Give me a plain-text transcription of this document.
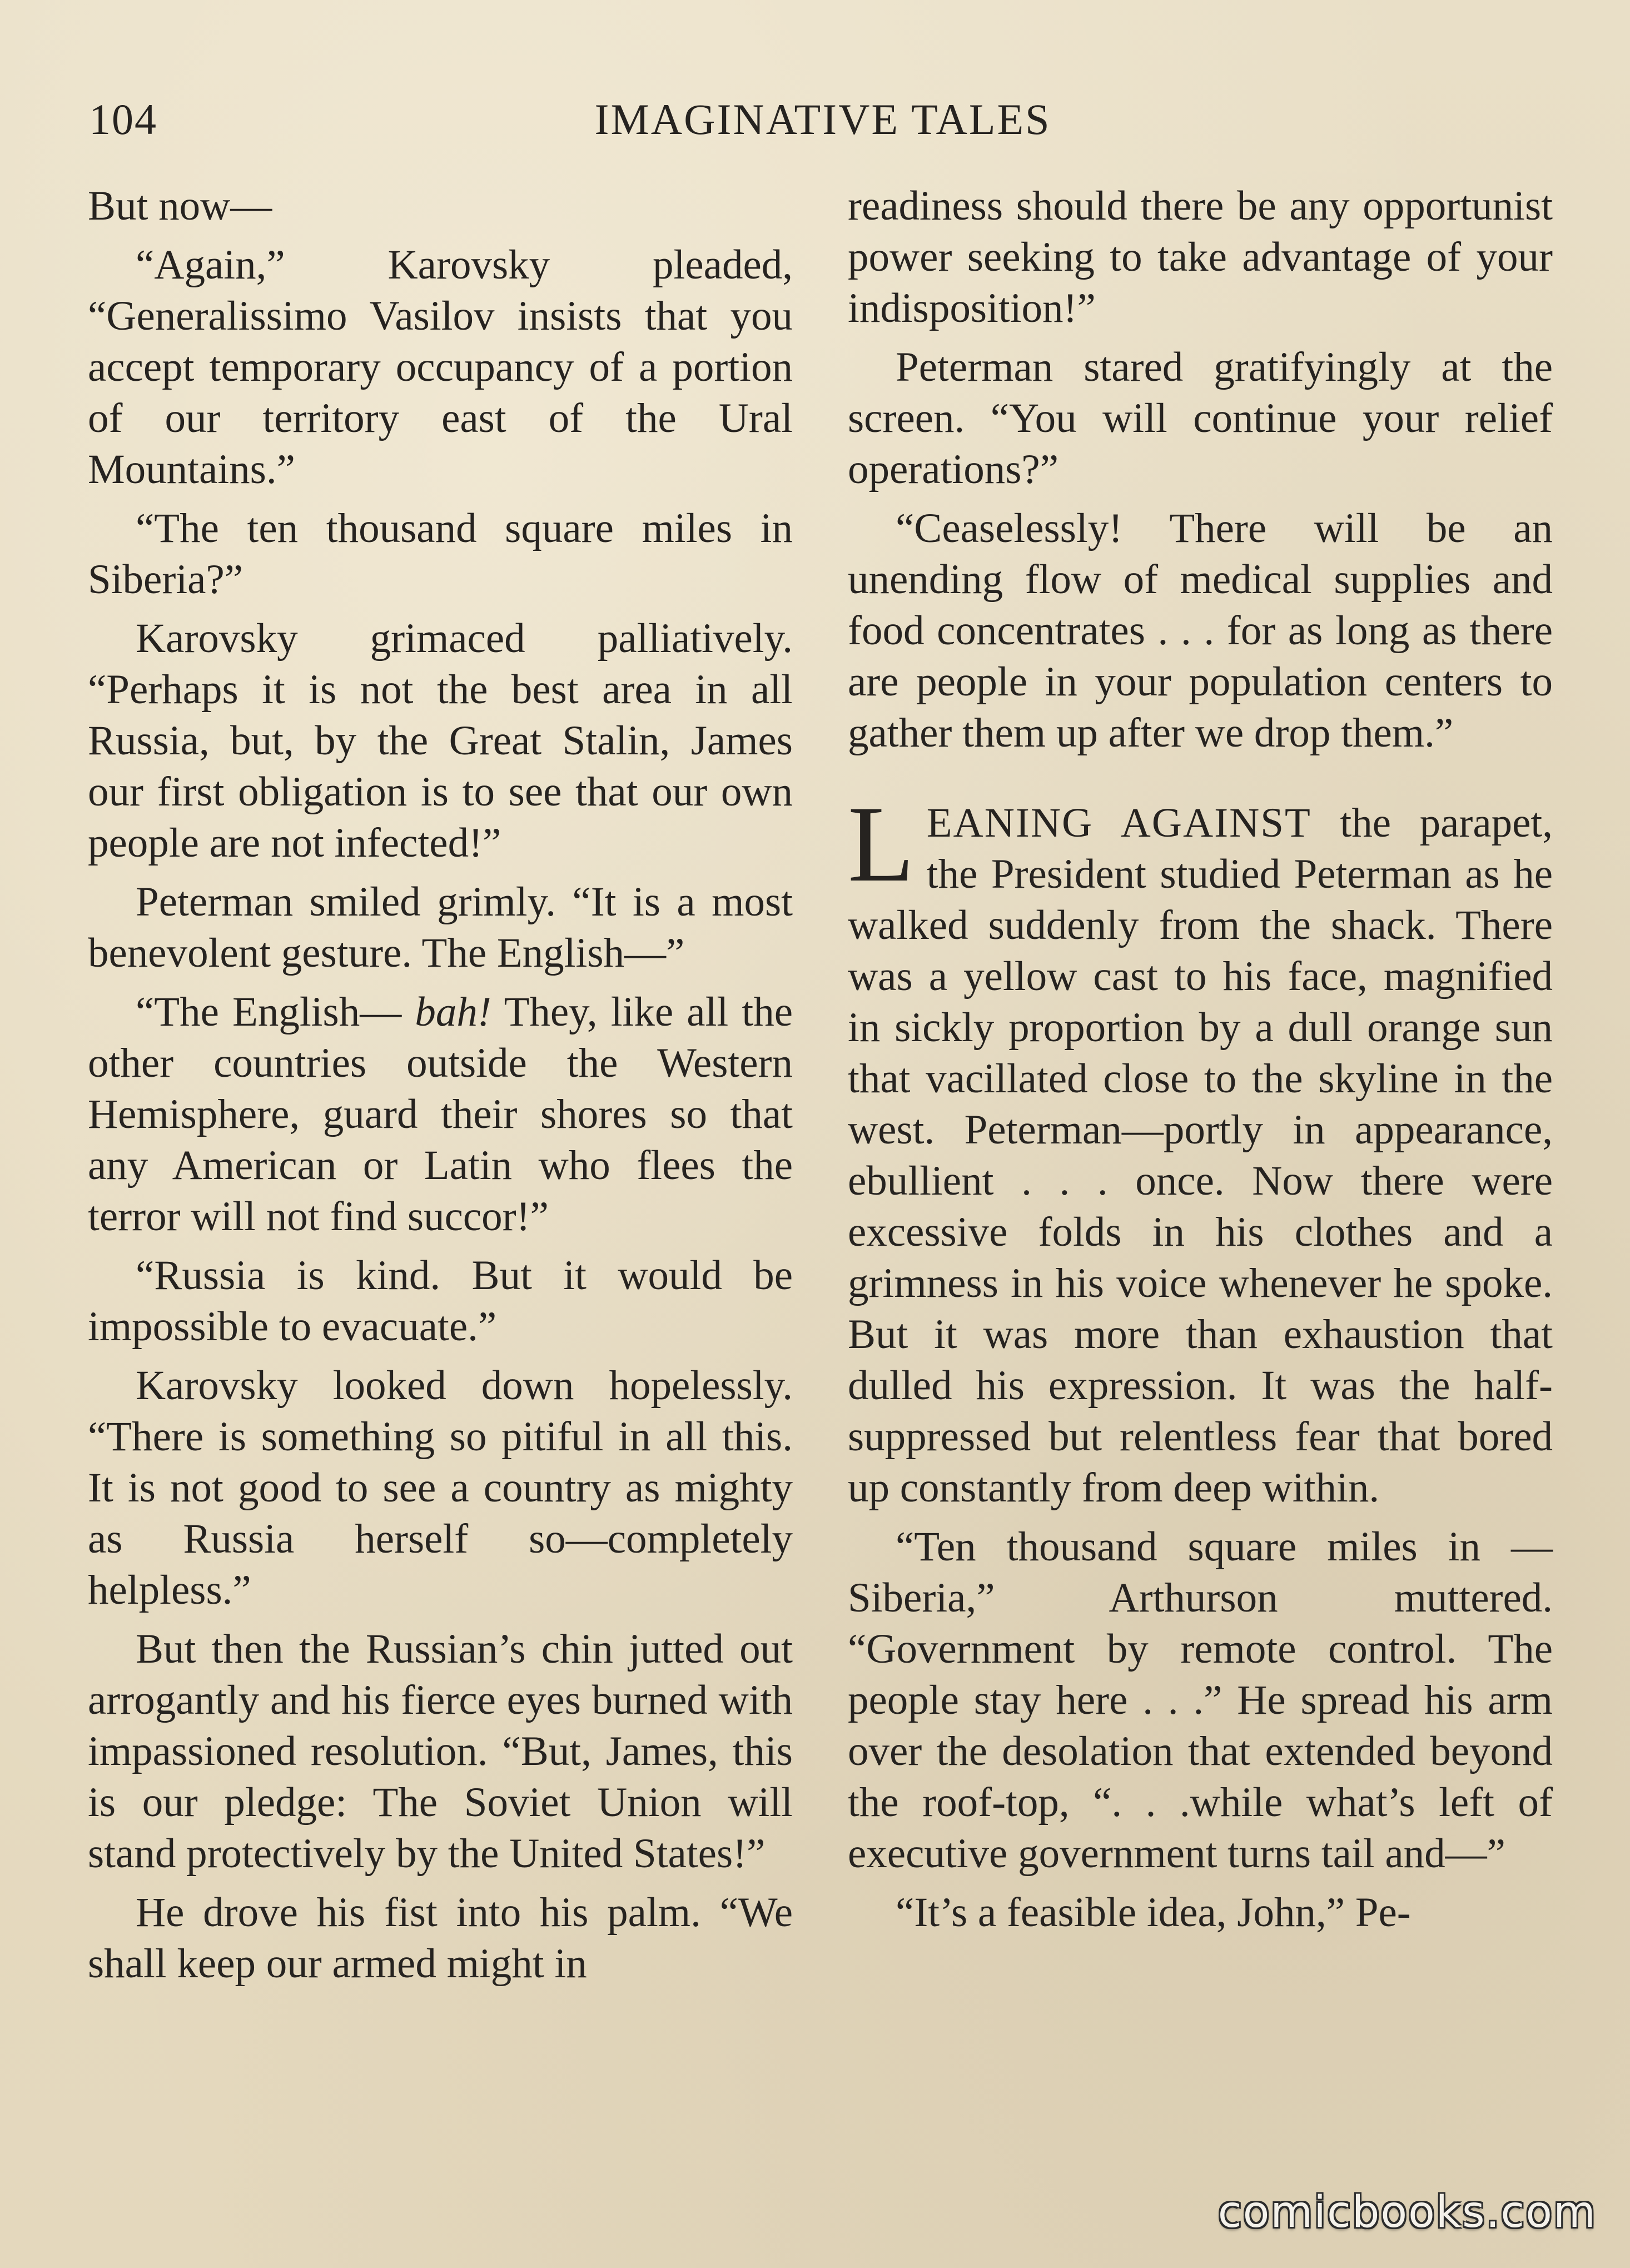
104	IMAGINATIVE TALES

But now—

“Again,” Karovsky pleaded, “Generalissimo Vasilov insists that you accept temporary occupancy of a portion of our territory east of the Ural Mountains.”

“The ten thousand square miles in Siberia?”

Karovsky grimaced palliatively. “Perhaps it is not the best area in all Russia, but, by the Great Stalin, James our first obligation is to see that our own people are not infected!”

Peterman smiled grimly. “It is a most benevolent gesture. The English—”

“The English— bah! They, like all the other countries outside the Western Hemisphere, guard their shores so that any American or Latin who flees the terror will not find succor!”

“Russia is kind. But it would be impossible to evacuate.”

Karovsky looked down hopelessly. “There is something so pitiful in all this. It is not good to see a country as mighty as Russia herself so—completely helpless.”

But then the Russian’s chin jutted out arrogantly and his fierce eyes burned with impassioned resolution. “But, James, this is our pledge: The Soviet Union will stand protectively by the United States!”

He drove his fist into his palm. “We shall keep our armed might in

readiness should there be any opportunist power seeking to take advantage of your indisposition!”

Peterman stared gratifyingly at the screen. “You will continue your relief operations?”

“Ceaselessly! There will be an unending flow of medical supplies and food concentrates . . . for as long as there are people in your population centers to gather them up after we drop them.”

LEANING AGAINST the parapet, the President studied Peterman as he walked suddenly from the shack. There was a yellow cast to his face, magnified in sickly proportion by a dull orange sun that vacillated close to the skyline in the west. Peterman—portly in appearance, ebullient . . . once. Now there were excessive folds in his clothes and a grimness in his voice whenever he spoke. But it was more than exhaustion that dulled his expression. It was the half-suppressed but relentless fear that bored up constantly from deep within.

“Ten thousand square miles in —Siberia,” Arthurson muttered. “Government by remote control. The people stay here . . .” He spread his arm over the desolation that extended beyond the roof-top, “. . .while what’s left of executive government turns tail and—”

“It’s a feasible idea, John,” Pe-

comicbooks.com
